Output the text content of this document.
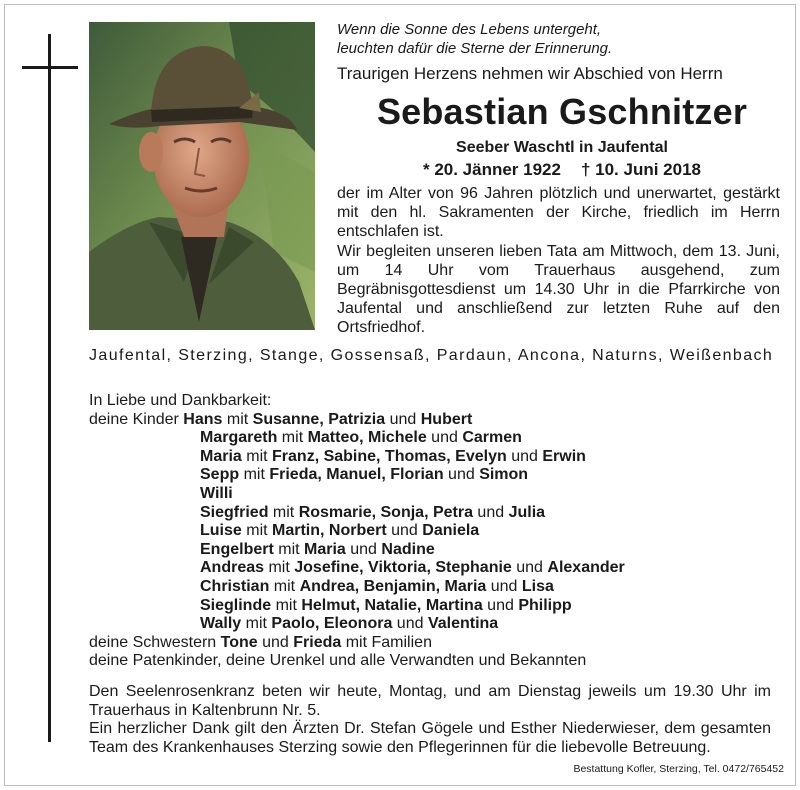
Wenn die Sonne des Lebens untergeht,
leuchten dafür die Sterne der Erinnerung.
Traurigen Herzens nehmen wir Abschied von Herrn
Sebastian Gschnitzer
Seeber Waschtl in Jaufental
* 20. Jänner 1922 † 10. Juni 2018
der im Alter von 96 Jahren plötzlich und unerwartet, gestärkt mit den hl. Sakramenten der Kirche, friedlich im Herrn entschlafen ist.
Wir begleiten unseren lieben Tata am Mittwoch, dem 13. Juni, um 14 Uhr vom Trauerhaus ausgehend, zum Begräbnisgottesdienst um 14.30 Uhr in die Pfarrkirche von Jaufental und anschließend zur letzten Ruhe auf den Ortsfriedhof.
Jaufental, Sterzing, Stange, Gossensaß, Pardaun, Ancona, Naturns, Weißenbach
In Liebe und Dankbarkeit:
deine Kinder Hans mit Susanne, Patrizia und Hubert
Margareth mit Matteo, Michele und Carmen
Maria mit Franz, Sabine, Thomas, Evelyn und Erwin
Sepp mit Frieda, Manuel, Florian und Simon
Willi
Siegfried mit Rosmarie, Sonja, Petra und Julia
Luise mit Martin, Norbert und Daniela
Engelbert mit Maria und Nadine
Andreas mit Josefine, Viktoria, Stephanie und Alexander
Christian mit Andrea, Benjamin, Maria und Lisa
Sieglinde mit Helmut, Natalie, Martina und Philipp
Wally mit Paolo, Eleonora und Valentina
deine Schwestern Tone und Frieda mit Familien
deine Patenkinder, deine Urenkel und alle Verwandten und Bekannten
Den Seelenrosenkranz beten wir heute, Montag, und am Dienstag jeweils um 19.30 Uhr im Trauerhaus in Kaltenbrunn Nr. 5.
Ein herzlicher Dank gilt den Ärzten Dr. Stefan Gögele und Esther Niederwieser, dem gesamten Team des Krankenhauses Sterzing sowie den Pflegerinnen für die liebevolle Betreuung.
Bestattung Kofler, Sterzing, Tel. 0472/765452
